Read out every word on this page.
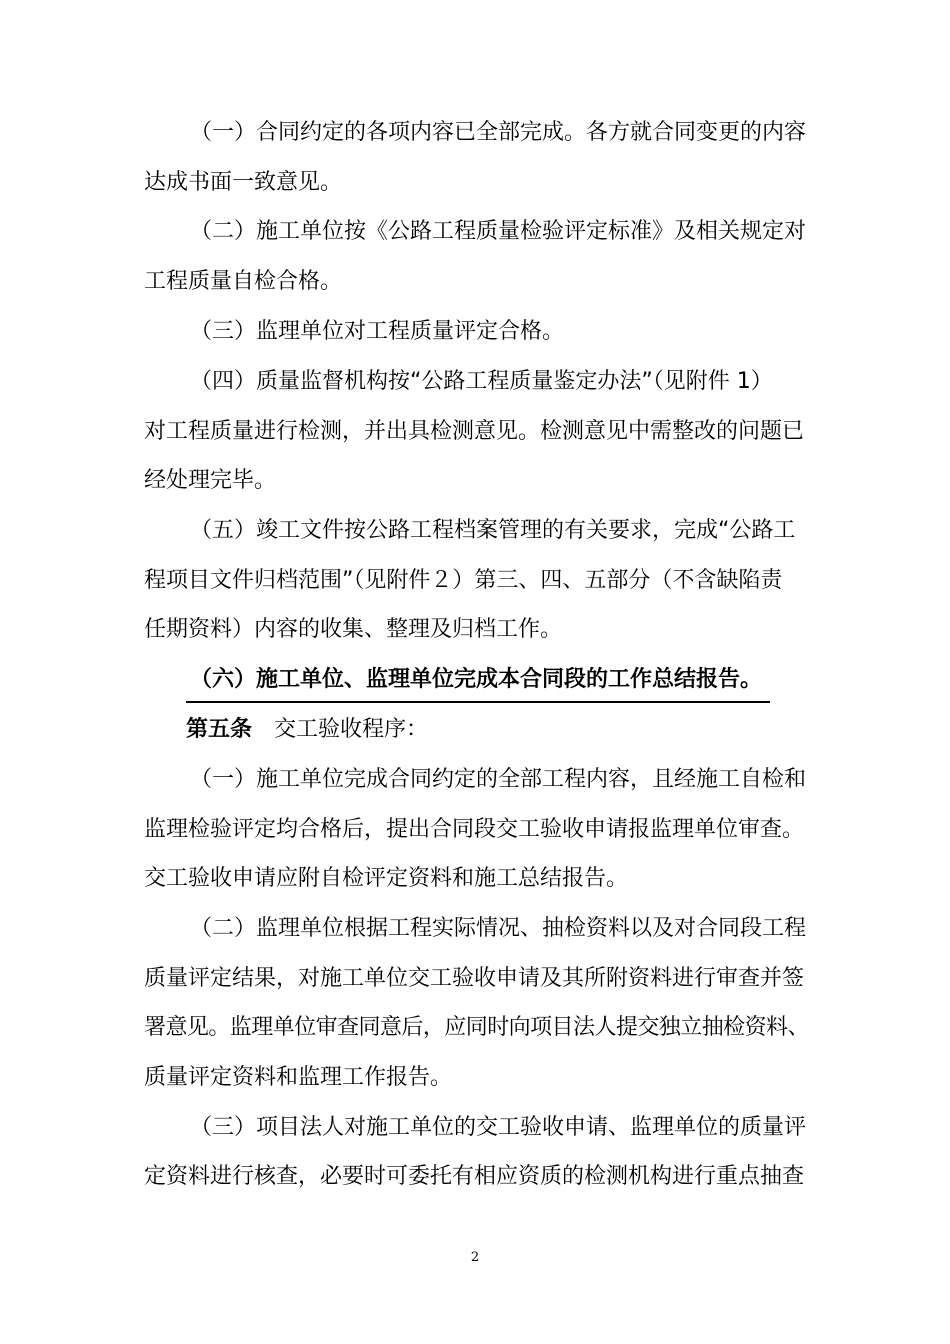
（一）合同约定的各项内容已全部完成。各方就合同变更的内容
达成书面一致意见。
（二）施工单位按《公路工程质量检验评定标准》及相关规定对
工程质量自检合格。
（三）监理单位对工程质量评定合格。
（四）质量监督机构按“公路工程质量鉴定办法”（见附件 1）
对工程质量进行检测，并出具检测意见。检测意见中需整改的问题已
经处理完毕。
（五）竣工文件按公路工程档案管理的有关要求，完成“公路工
程项目文件归档范围”（见附件２）第三、四、五部分（不含缺陷责
任期资料）内容的收集、整理及归档工作。
（六）施工单位、监理单位完成本合同段的工作总结报告。
第五条 交工验收程序：
（一）施工单位完成合同约定的全部工程内容，且经施工自检和
监理检验评定均合格后，提出合同段交工验收申请报监理单位审查。
交工验收申请应附自检评定资料和施工总结报告。
（二）监理单位根据工程实际情况、抽检资料以及对合同段工程
质量评定结果，对施工单位交工验收申请及其所附资料进行审查并签
署意见。监理单位审查同意后，应同时向项目法人提交独立抽检资料、
质量评定资料和监理工作报告。
（三）项目法人对施工单位的交工验收申请、监理单位的质量评
定资料进行核查，必要时可委托有相应资质的检测机构进行重点抽查
2
